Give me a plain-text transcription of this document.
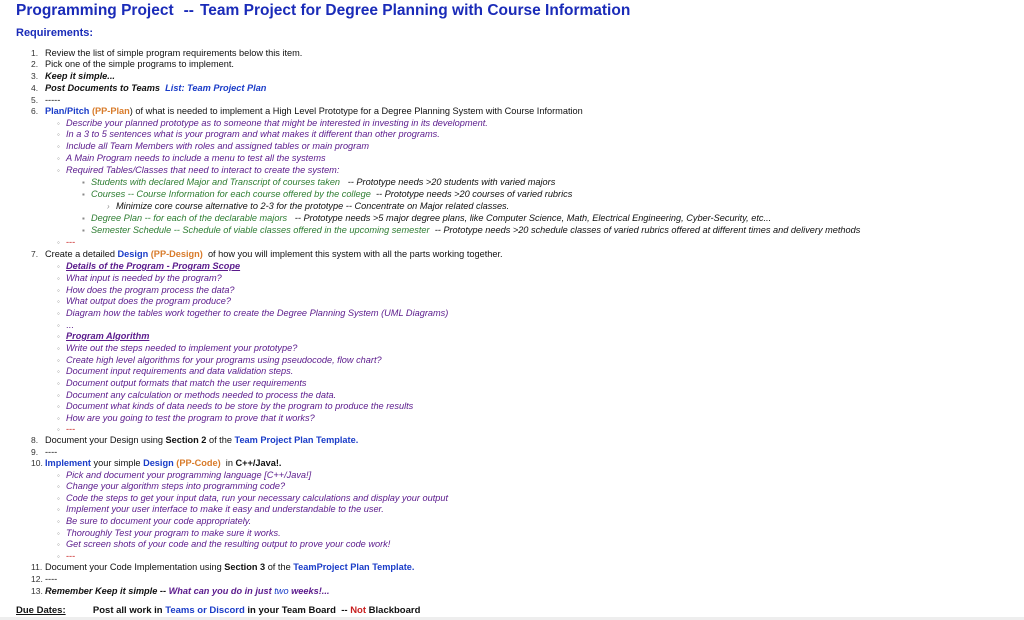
Programming Project -- Team Project for Degree Planning with Course Information
Requirements:
1. Review the list of simple program requirements below this item.
2. Pick one of the simple programs to implement.
3. Keep it simple...
4. Post Documents to Teams List: Team Project Plan
5. -----
6. Plan/Pitch (PP-Plan) of what is needed to implement a High Level Prototype for a Degree Planning System with Course Information
◦ Describe your planned prototype as to someone that might be interested in investing in its development.
◦ In a 3 to 5 sentences what is your program and what makes it different than other programs.
◦ Include all Team Members with roles and assigned tables or main program
◦ A Main Program needs to include a menu to test all the systems
◦ Required Tables/Classes that need to interact to create the system:
▪ Students with declared Major and Transcript of courses taken -- Prototype needs >20 students with varied majors
▪ Courses -- Course Information for each course offered by the college -- Prototype needs >20 courses of varied rubrics
› Minimize core course alternative to 2-3 for the prototype -- Concentrate on Major related classes.
▪ Degree Plan -- for each of the declarable majors -- Prototype needs >5 major degree plans, like Computer Science, Math, Electrical Engineering, Cyber-Security, etc...
▪ Semester Schedule -- Schedule of viable classes offered in the upcoming semester -- Prototype needs >20 schedule classes of varied rubrics offered at different times and delivery methods
◦ ---
7. Create a detailed Design (PP-Design) of how you will implement this system with all the parts working together.
◦ Details of the Program - Program Scope
◦ What input is needed by the program?
◦ How does the program process the data?
◦ What output does the program produce?
◦ Diagram how the tables work together to create the Degree Planning System (UML Diagrams)
◦ ...
◦ Program Algorithm
◦ Write out the steps needed to implement your prototype?
◦ Create high level algorithms for your programs using pseudocode, flow chart?
◦ Document input requirements and data validation steps.
◦ Document output formats that match the user requirements
◦ Document any calculation or methods needed to process the data.
◦ Document what kinds of data needs to be store by the program to produce the results
◦ How are you going to test the program to prove that it works?
◦ ---
8. Document your Design using Section 2 of the Team Project Plan Template.
9. ----
10. Implement your simple Design (PP-Code) in C++/Java!.
◦ Pick and document your programming language [C++/Java!]
◦ Change your algorithm steps into programming code?
◦ Code the steps to get your input data, run your necessary calculations and display your output
◦ Implement your user interface to make it easy and understandable to the user.
◦ Be sure to document your code appropriately.
◦ Thoroughly Test your program to make sure it works.
◦ Get screen shots of your code and the resulting output to prove your code work!
◦ ---
11. Document your Code Implementation using Section 3 of the TeamProject Plan Template.
12. ----
13. Remember Keep it simple -- What can you do in just two weeks!...
Due Dates:	Post all work in Teams or Discord in your Team Board -- Not Blackboard
